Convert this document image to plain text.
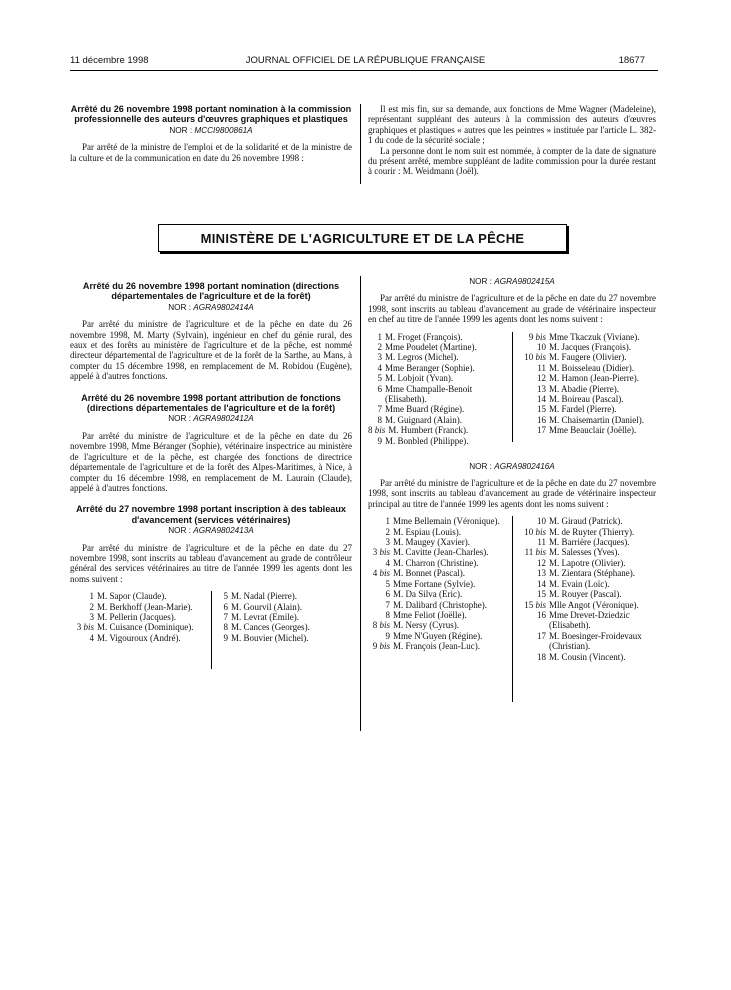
11 décembre 1998	JOURNAL OFFICIEL DE LA RÉPUBLIQUE FRANÇAISE	18677
Arrêté du 26 novembre 1998 portant nomination à la commission professionnelle des auteurs d'œuvres graphiques et plastiques
NOR : MCCI9800861A

Par arrêté de la ministre de l'emploi et de la solidarité et de la ministre de la culture et de la communication en date du 26 novembre 1998 :

Il est mis fin, sur sa demande, aux fonctions de Mme Wagner (Madeleine), représentant suppléant des auteurs à la commission des auteurs d'œuvres graphiques et plastiques « autres que les peintres » instituée par l'article L. 382-1 du code de la sécurité sociale ;

La personne dont le nom suit est nommée, à compter de la date de signature du présent arrêté, membre suppléant de ladite commission pour la durée restant à courir : M. Weidmann (Joël).

MINISTÈRE DE L'AGRICULTURE ET DE LA PÊCHE
Arrêté du 26 novembre 1998 portant nomination (directions départementales de l'agriculture et de la forêt)
NOR : AGRA9802414A

Par arrêté du ministre de l'agriculture et de la pêche en date du 26 novembre 1998, M. Marty (Sylvain), ingénieur en chef du génie rural, des eaux et des forêts au ministère de l'agriculture et de la pêche, est nommé directeur départemental de l'agriculture et de la forêt de la Sarthe, au Mans, à compter du 15 décembre 1998, en remplacement de M. Robidou (Eugène), appelé à d'autres fonctions.

Arrêté du 26 novembre 1998 portant attribution de fonctions (directions départementales de l'agriculture et de la forêt)
NOR : AGRA9802412A

Par arrêté du ministre de l'agriculture et de la pêche en date du 26 novembre 1998, Mme Béranger (Sophie), vétérinaire inspectrice au ministère de l'agriculture et de la pêche, est chargée des fonctions de directrice départementale de l'agriculture et de la forêt des Alpes-Maritimes, à Nice, à compter du 16 décembre 1998, en remplacement de M. Laurain (Claude), appelé à d'autres fonctions.

Arrêté du 27 novembre 1998 portant inscription à des tableaux d'avancement (services vétérinaires)
NOR : AGRA9802413A

Par arrêté du ministre de l'agriculture et de la pêche en date du 27 novembre 1998, sont inscrits au tableau d'avancement au grade de contrôleur général des services vétérinaires au titre de l'année 1999 les agents dont les noms suivent :

1 M. Sapor (Claude).
2 M. Berkhoff (Jean-Marie).
3 M. Pellerin (Jacques).
3 bis M. Cuisance (Dominique).
4 M. Vigouroux (André).
5 M. Nadal (Pierre).
6 M. Gourvil (Alain).
7 M. Levrat (Emile).
8 M. Cances (Georges).
9 M. Bouvier (Michel).
NOR : AGRA9802415A

Par arrêté du ministre de l'agriculture et de la pêche en date du 27 novembre 1998, sont inscrits au tableau d'avancement au grade de vétérinaire inspecteur en chef au titre de l'année 1999 les agents dont les noms suivent :

1 M. Froget (François).
2 Mme Poudelet (Martine).
3 M. Legros (Michel).
4 Mme Beranger (Sophie).
5 M. Lobjoit (Yvan).
6 Mme Champalle-Benoit (Elisabeth).
7 Mme Buard (Régine).
8 M. Guignard (Alain).
8 bis M. Humbert (Franck).
9 M. Bonbled (Philippe).
9 bis Mme Tkaczuk (Viviane).
10 M. Jacques (François).
10 bis M. Faugere (Olivier).
11 M. Boisseleau (Didier).
12 M. Hamon (Jean-Pierre).
13 M. Abadie (Pierre).
14 M. Boireau (Pascal).
15 M. Fardel (Pierre).
16 M. Chaisemartin (Daniel).
17 Mme Beauclair (Joëlle).
NOR : AGRA9802416A

Par arrêté du ministre de l'agriculture et de la pêche en date du 27 novembre 1998, sont inscrits au tableau d'avancement au grade de vétérinaire inspecteur principal au titre de l'année 1999 les agents dont les noms suivent :

1 Mme Bellemain (Véronique).
2 M. Espiau (Louis).
3 M. Maugey (Xavier).
3 bis M. Cavitte (Jean-Charles).
4 M. Charron (Christine).
4 bis M. Bonnet (Pascal).
5 Mme Fortane (Sylvie).
6 M. Da Silva (Eric).
7 M. Dalibard (Christophe).
8 Mme Feliot (Joëlle).
8 bis M. Nersy (Cyrus).
9 Mme N'Guyen (Régine).
9 bis M. François (Jean-Luc).
10 M. Giraud (Patrick).
10 bis M. de Ruyter (Thierry).
11 M. Barrière (Jacques).
11 bis M. Salesses (Yves).
12 M. Lapotre (Olivier).
13 M. Zientara (Stéphane).
14 M. Evain (Loïc).
15 M. Rouyer (Pascal).
15 bis Mlle Angot (Véronique).
16 Mme Drevet-Dziedzic (Elisabeth).
17 M. Boesinger-Froidevaux (Christian).
18 M. Cousin (Vincent).
